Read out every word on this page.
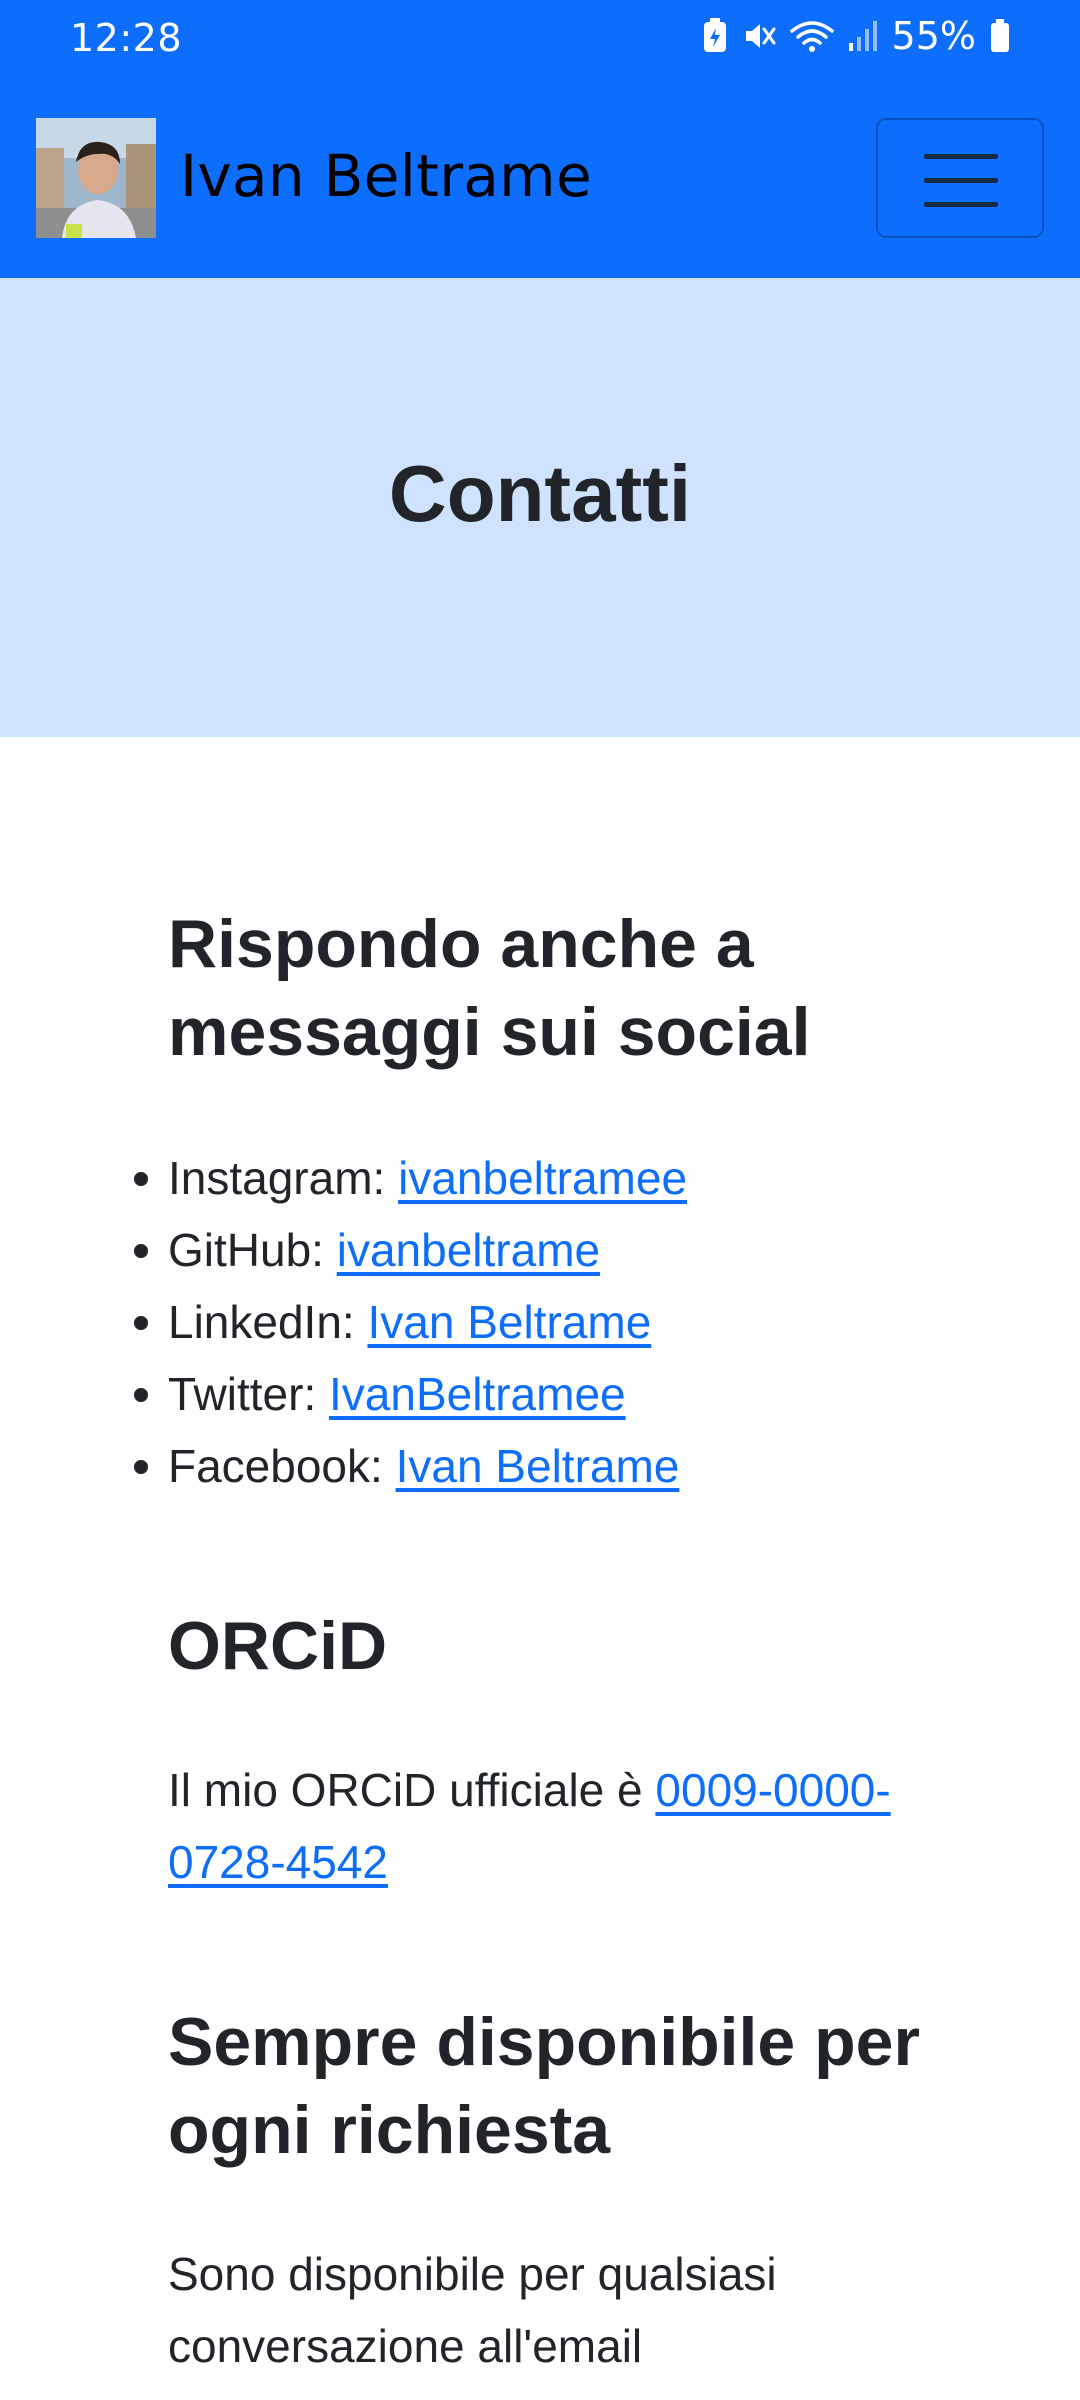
12:28	55%
Ivan Beltrame
Contatti
Rispondo anche a messaggi sui social
Instagram: ivanbeltramee
GitHub: ivanbeltrame
LinkedIn: Ivan Beltrame
Twitter: IvanBeltramee
Facebook: Ivan Beltrame
ORCiD

Il mio ORCiD ufficiale è 0009-0000-0728-4542

Sempre disponibile per ogni richiesta

Sono disponibile per qualsiasi conversazione all'email
